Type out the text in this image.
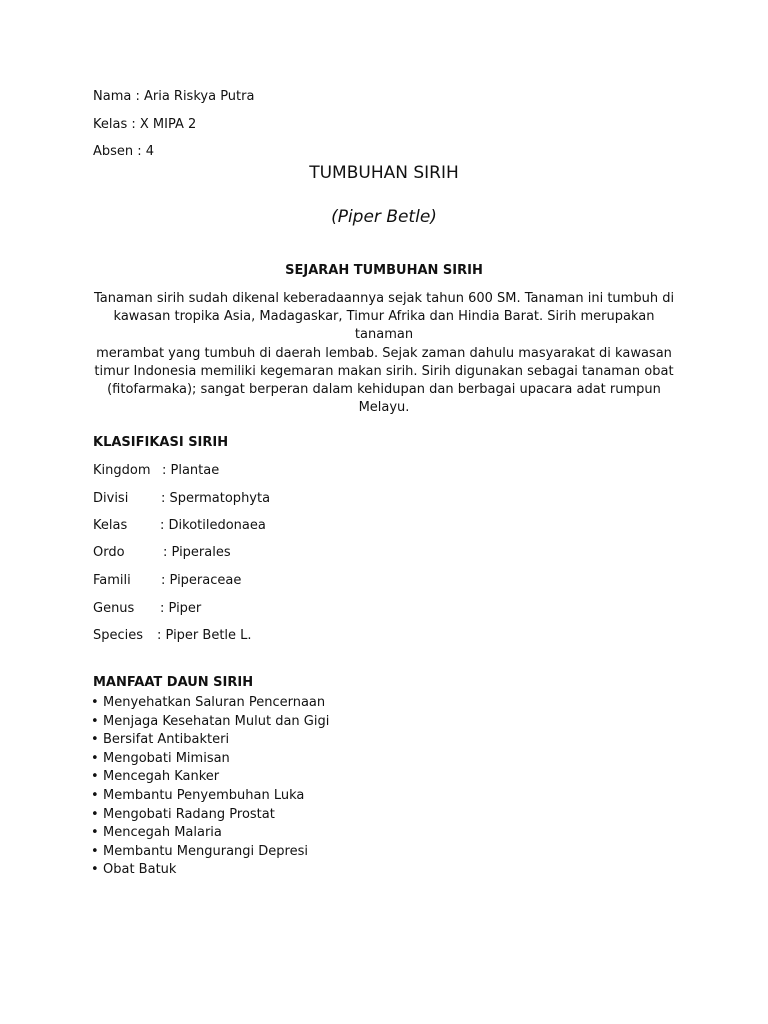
Nama : Aria Riskya Putra
Kelas : X MIPA 2
Absen : 4
TUMBUHAN SIRIH
(Piper Betle)
SEJARAH TUMBUHAN SIRIH
Tanaman sirih sudah dikenal keberadaannya sejak tahun 600 SM. Tanaman ini tumbuh di
kawasan tropika Asia, Madagaskar, Timur Afrika dan Hindia Barat. Sirih merupakan tanaman
merambat yang tumbuh di daerah lembab. Sejak zaman dahulu masyarakat di kawasan
timur Indonesia memiliki kegemaran makan sirih. Sirih digunakan sebagai tanaman obat
(fitofarmaka); sangat berperan dalam kehidupan dan berbagai upacara adat rumpun
Melayu.
KLASIFIKASI SIRIH
Kingdom : Plantae
Divisi	: Spermatophyta
Kelas	: Dikotiledonaea
Ordo	: Piperales
Famili : Piperaceae
Genus : Piper
Species : Piper Betle L.
MANFAAT DAUN SIRIH
• Menyehatkan Saluran Pencernaan
• Menjaga Kesehatan Mulut dan Gigi
• Bersifat Antibakteri
• Mengobati Mimisan
• Mencegah Kanker
• Membantu Penyembuhan Luka
• Mengobati Radang Prostat
• Mencegah Malaria
• Membantu Mengurangi Depresi
• Obat Batuk
